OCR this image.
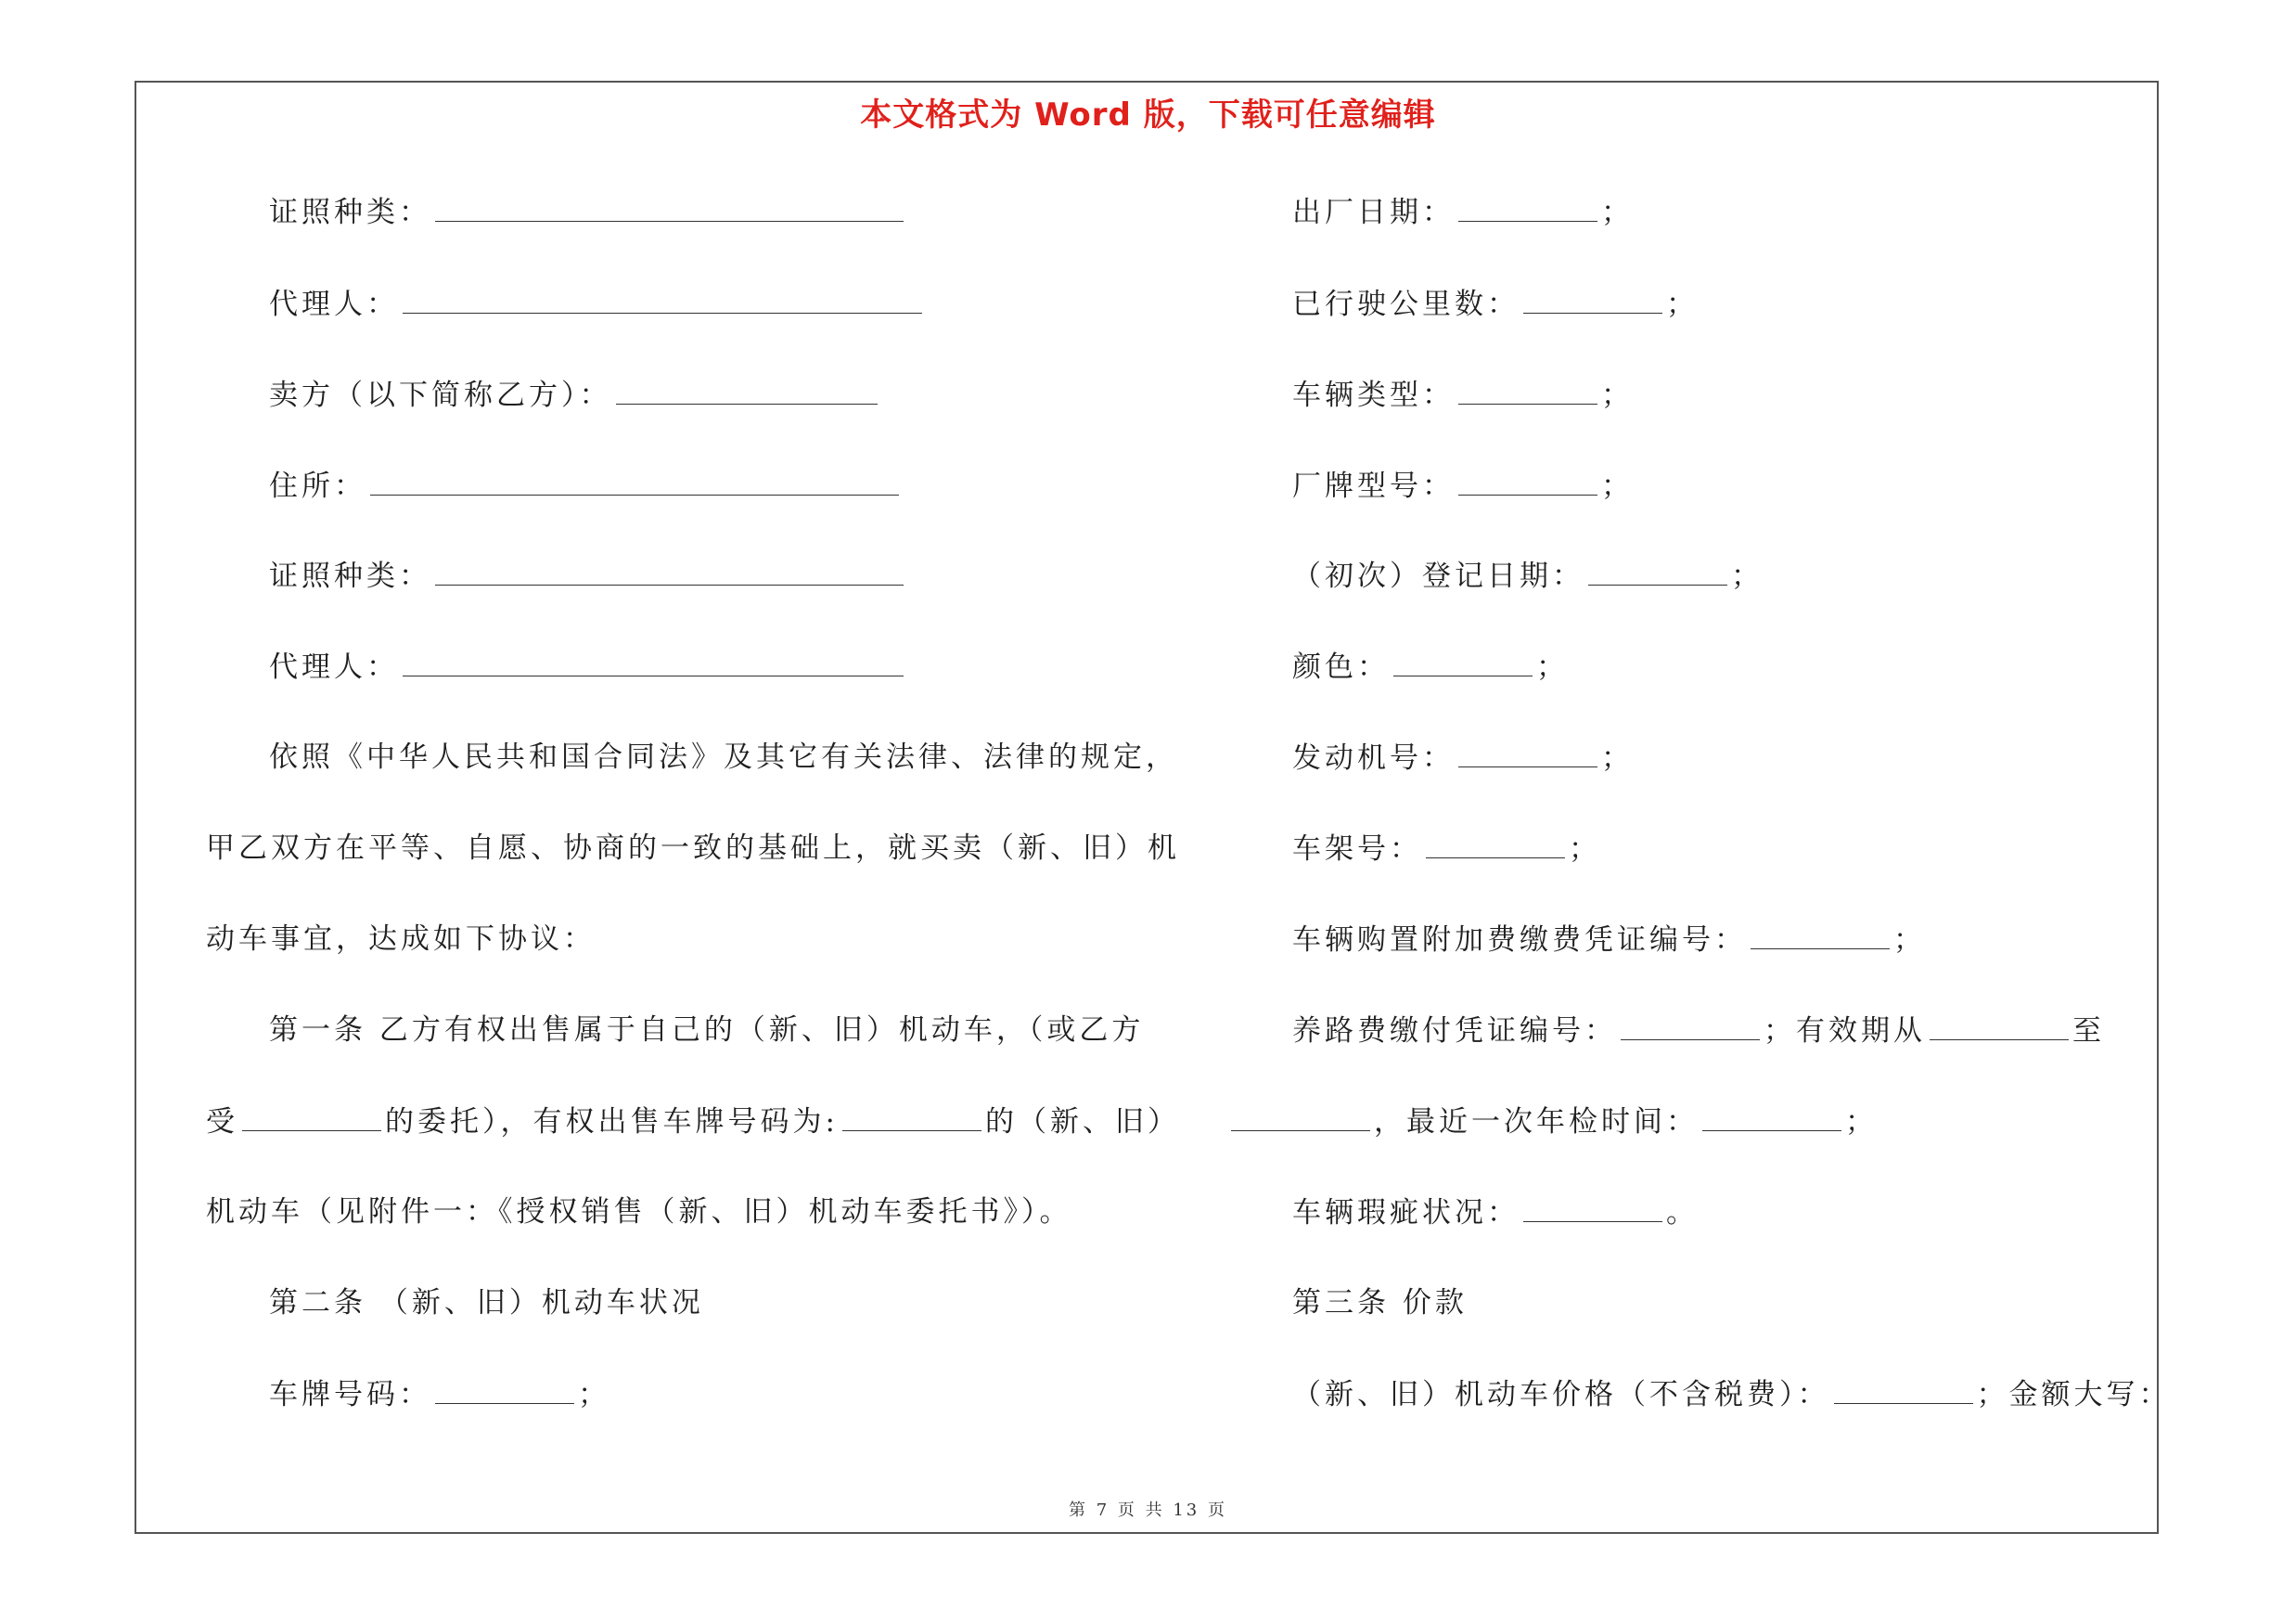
本文格式为 Word 版，下载可任意编辑
证照种类：
代理人：
卖方（以下简称乙方）：
住所：
证照种类：
代理人：
依照《中华人民共和国合同法》及其它有关法律、法律的规定，
甲乙双方在平等、自愿、协商的一致的基础上，就买卖（新、旧）机
动车事宜，达成如下协议：
第一条 乙方有权出售属于自己的（新、旧）机动车，（或乙方
受	的委托），有权出售车牌号码为:	的（新、旧）
机动车（见附件一：《授权销售（新、旧）机动车委托书》）。
第二条 （新、旧）机动车状况
车牌号码：	；
出厂日期：	；
已行驶公里数：	；
车辆类型：	；
厂牌型号：	；
（初次）登记日期：	；
颜色：	；
发动机号：	；
车架号：	；
车辆购置附加费缴费凭证编号：	；
养路费缴付凭证编号：	；有效期从	至
，最近一次年检时间：	；
车辆瑕疵状况：	。
第三条 价款
（新、旧）机动车价格（不含税费）：	；金额大写：
第 7 页 共 13 页
